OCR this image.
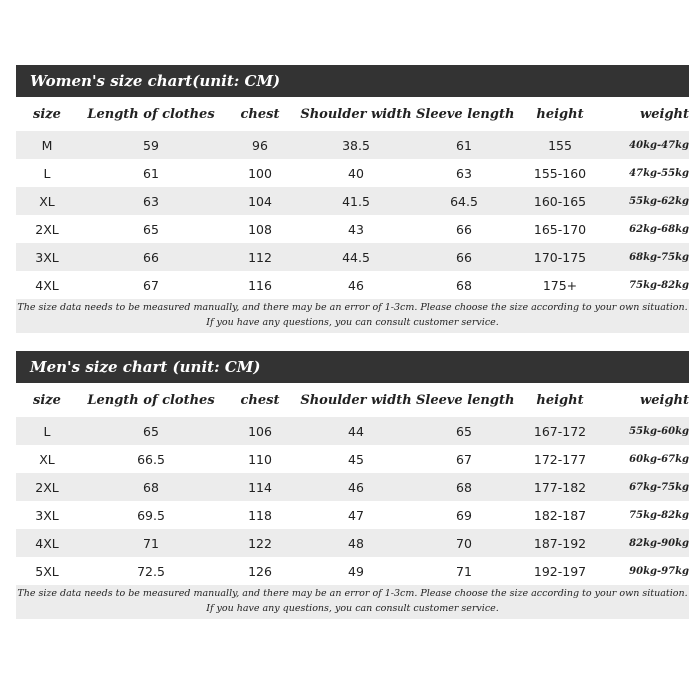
Women's size chart(unit: CM)
size	Length of clothes	chest	Shoulder width Sleeve length	height	weight
M	59	96	38.5	61	155	40kg-47kg
L	61	100	40	63	155-160	47kg-55kg
XL	63	104	41.5	64.5	160-165	55kg-62kg
2XL	65	108	43	66	165-170	62kg-68kg
3XL	66	112	44.5	66	170-175	68kg-75kg
4XL	67	116	46	68	175+	75kg-82kg
The size data needs to be measured manually, and there may be an error of 1-3cm. Please choose the size according to your own situation.
If you have any questions, you can consult customer service.
Men's size chart (unit: CM)
size	Length of clothes	chest	Shoulder width Sleeve length	height	weight
L	65	106	44	65	167-172	55kg-60kg
XL	66.5	110	45	67	172-177	60kg-67kg
2XL	68	114	46	68	177-182	67kg-75kg
3XL	69.5	118	47	69	182-187	75kg-82kg
4XL	71	122	48	70	187-192	82kg-90kg
5XL	72.5	126	49	71	192-197	90kg-97kg
The size data needs to be measured manually, and there may be an error of 1-3cm. Please choose the size according to your own situation.
If you have any questions, you can consult customer service.
